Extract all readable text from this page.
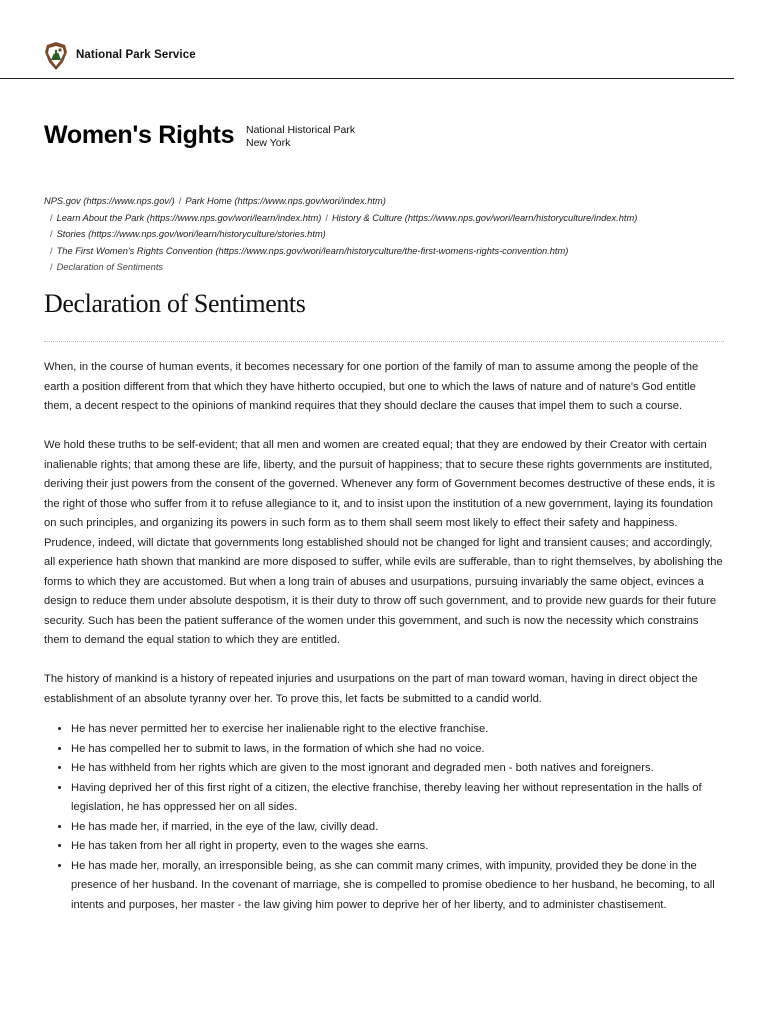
National Park Service
Women's Rights National Historical Park
New York
NPS.gov (https://www.nps.gov/) / Park Home (https://www.nps.gov/wori/index.htm)
/ Learn About the Park (https://www.nps.gov/wori/learn/index.htm) / History & Culture (https://www.nps.gov/wori/learn/historyculture/index.htm)
/ Stories (https://www.nps.gov/wori/learn/historyculture/stories.htm)
/ The First Women's Rights Convention (https://www.nps.gov/wori/learn/historyculture/the-first-womens-rights-convention.htm)
/ Declaration of Sentiments
Declaration of Sentiments

When, in the course of human events, it becomes necessary for one portion of the family of man to assume among the people of the earth a position different from that which they have hitherto occupied, but one to which the laws of nature and of nature's God entitle them, a decent respect to the opinions of mankind requires that they should declare the causes that impel them to such a course.

We hold these truths to be self-evident; that all men and women are created equal; that they are endowed by their Creator with certain inalienable rights; that among these are life, liberty, and the pursuit of happiness; that to secure these rights governments are instituted, deriving their just powers from the consent of the governed. Whenever any form of Government becomes destructive of these ends, it is the right of those who suffer from it to refuse allegiance to it, and to insist upon the institution of a new government, laying its foundation on such principles, and organizing its powers in such form as to them shall seem most likely to effect their safety and happiness. Prudence, indeed, will dictate that governments long established should not be changed for light and transient causes; and accordingly, all experience hath shown that mankind are more disposed to suffer, while evils are sufferable, than to right themselves, by abolishing the forms to which they are accustomed. But when a long train of abuses and usurpations, pursuing invariably the same object, evinces a design to reduce them under absolute despotism, it is their duty to throw off such government, and to provide new guards for their future security. Such has been the patient sufferance of the women under this government, and such is now the necessity which constrains them to demand the equal station to which they are entitled.

The history of mankind is a history of repeated injuries and usurpations on the part of man toward woman, having in direct object the establishment of an absolute tyranny over her. To prove this, let facts be submitted to a candid world.

• He has never permitted her to exercise her inalienable right to the elective franchise.
• He has compelled her to submit to laws, in the formation of which she had no voice.
• He has withheld from her rights which are given to the most ignorant and degraded men - both natives and foreigners.
• Having deprived her of this first right of a citizen, the elective franchise, thereby leaving her without representation in the halls of legislation, he has oppressed her on all sides.
• He has made her, if married, in the eye of the law, civilly dead.
• He has taken from her all right in property, even to the wages she earns.
• He has made her, morally, an irresponsible being, as she can commit many crimes, with impunity, provided they be done in the presence of her husband. In the covenant of marriage, she is compelled to promise obedience to her husband, he becoming, to all intents and purposes, her master - the law giving him power to deprive her of her liberty, and to administer chastisement.
